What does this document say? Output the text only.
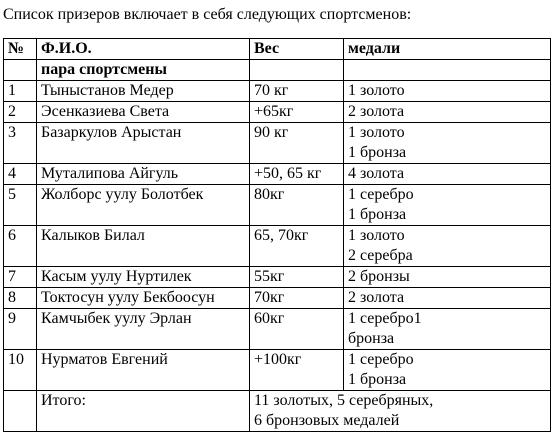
Список призеров включает в себя следующих спортсменов:
№	Ф.И.О.	Вес	медали
	пара спортсмены		
1	Тыныстанов Медер	70 кг	1 золото

2	Эсенказиева Света	+65кг	2 золота

3	Базаркулов Арыстан	90 кг	1 золото
1 бронза

4	Муталипова Айгуль	+50, 65 кг	4 золота

5	Жолборс уулу Болотбек	80кг	1 серебро
1 бронза

6	Калыков Билал	65, 70кг	1 золото
2 серебра

7	Касым уулу Нуртилек	55кг	2 бронзы

8	Токтосун уулу Бекбоосун	70кг	2 золота

9	Камчыбек уулу Эрлан	60кг	1 серебро1
бронза

10	Нурматов Евгений	+100кг	1 серебро
1 бронза

	Итого:	11 золотых, 5 серебряных,
6 бронзовых медалей	
